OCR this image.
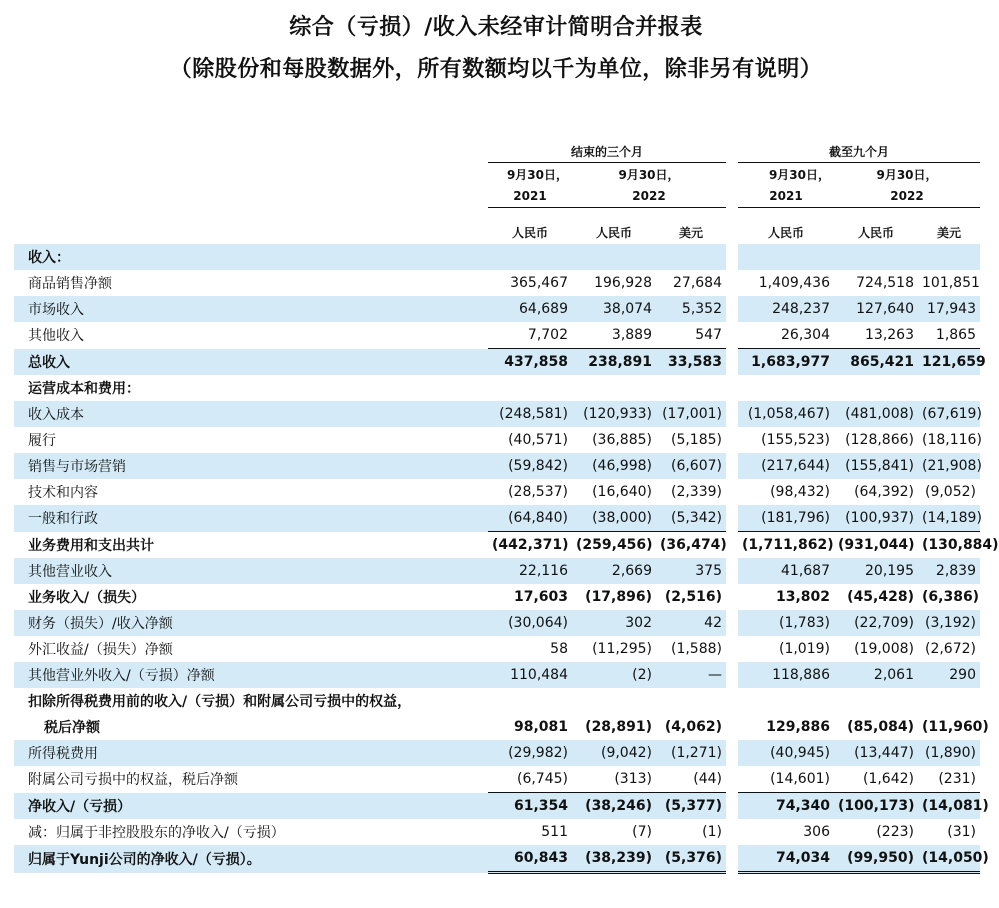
综合（亏损）/收入未经审计简明合并报表
（除股份和每股数据外，所有数额均以千为单位，除非另有说明）
	结束的三个月				截至九个月		
	9月30日，	9月30日，			9月30日，	9月30日，	
	2021	2022			2021	2022	

	人民币	人民币	美元		人民币	人民币	美元
收入：							
商品销售净额	365,467	196,928	27,684		1,409,436	724,518	101,851
市场收入	64,689	38,074	5,352		248,237	127,640	17,943
其他收入	7,702	3,889	547		26,304	13,263	1,865
总收入	437,858	238,891	33,583		1,683,977	865,421	121,659
运营成本和费用：							
收入成本	(248,581)	(120,933)	(17,001)		(1,058,467)	(481,008)	(67,619)
履行	(40,571)	(36,885)	(5,185)		(155,523)	(128,866)	(18,116)
销售与市场营销	(59,842)	(46,998)	(6,607)		(217,644)	(155,841)	(21,908)
技术和内容	(28,537)	(16,640)	(2,339)		(98,432)	(64,392)	(9,052)
一般和行政	(64,840)	(38,000)	(5,342)		(181,796)	(100,937)	(14,189)
业务费用和支出共计	(442,371)	(259,456)	(36,474)		(1,711,862)	(931,044)	(130,884)
其他营业收入	22,116	2,669	375		41,687	20,195	2,839
业务收入/（损失）	17,603	(17,896)	(2,516)		13,802	(45,428)	(6,386)
财务（损失）/收入净额	(30,064)	302	42		(1,783)	(22,709)	(3,192)
外汇收益/（损失）净额	58	(11,295)	(1,588)		(1,019)	(19,008)	(2,672)
其他营业外收入/（亏损）净额	110,484	(2)	—		118,886	2,061	290
扣除所得税费用前的收入/（亏损）和附属公司亏损中的权益，							
税后净额	98,081	(28,891)	(4,062)		129,886	(85,084)	(11,960)
所得税费用	(29,982)	(9,042)	(1,271)		(40,945)	(13,447)	(1,890)
附属公司亏损中的权益，税后净额	(6,745)	(313)	(44)		(14,601)	(1,642)	(231)
净收入/（亏损）	61,354	(38,246)	(5,377)		74,340	(100,173)	(14,081)
减：归属于非控股股东的净收入/（亏损）	511	(7)	(1)		306	(223)	(31)
归属于Yunji公司的净收入/（亏损）。	60,843	(38,239)	(5,376)		74,034	(99,950)	(14,050)
